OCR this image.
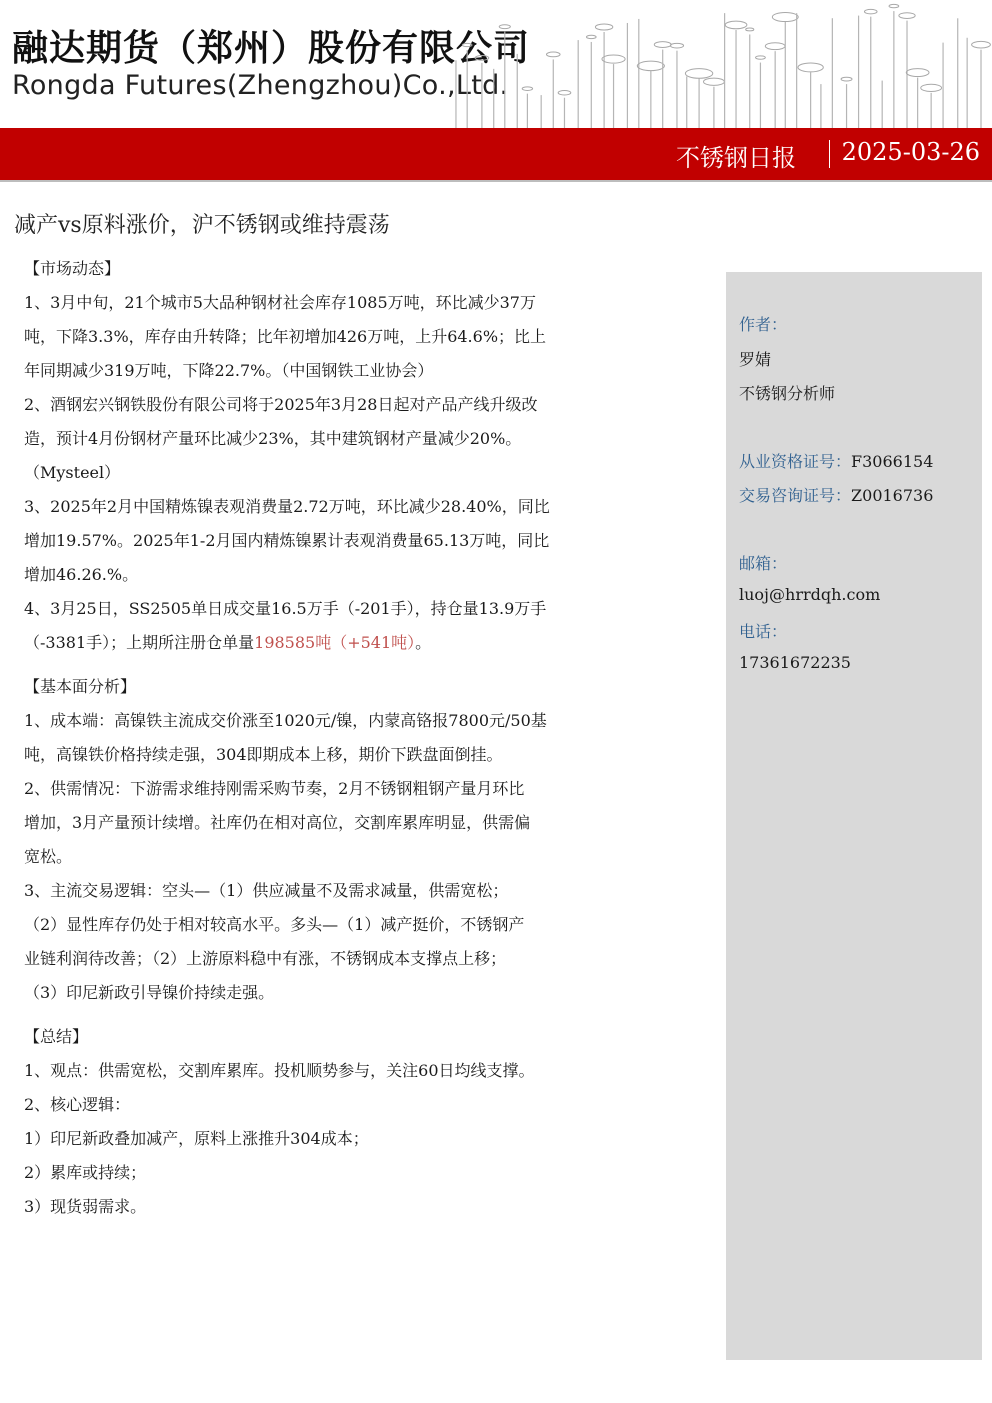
融达期货（郑州）股份有限公司
Rongda Futures(Zhengzhou)Co.,Ltd.
不锈钢日报 2025-03-26
减产vs原料涨价，沪不锈钢或维持震荡

【市场动态】

1、3月中旬，21个城市5大品种钢材社会库存1085万吨，环比减少37万
吨，下降3.3%，库存由升转降；比年初增加426万吨，上升64.6%；比上
年同期减少319万吨，下降22.7%。（中国钢铁工业协会）

2、酒钢宏兴钢铁股份有限公司将于2025年3月28日起对产品产线升级改
造，预计4月份钢材产量环比减少23%，其中建筑钢材产量减少20%。
（Mysteel）

3、2025年2月中国精炼镍表观消费量2.72万吨，环比减少28.40%，同比
增加19.57%。2025年1-2月国内精炼镍累计表观消费量65.13万吨，同比
增加46.26.%。

4、3月25日，SS2505单日成交量16.5万手（-201手），持仓量13.9万手
（-3381手）；上期所注册仓单量198585吨（+541吨）。

【基本面分析】

1、成本端：高镍铁主流成交价涨至1020元/镍，内蒙高铬报7800元/50基
吨，高镍铁价格持续走强，304即期成本上移，期价下跌盘面倒挂。

2、供需情况：下游需求维持刚需采购节奏，2月不锈钢粗钢产量月环比
增加，3月产量预计续增。社库仍在相对高位，交割库累库明显，供需偏
宽松。

3、主流交易逻辑：空头—（1）供应减量不及需求减量，供需宽松；
（2）显性库存仍处于相对较高水平。多头—（1）减产挺价，不锈钢产
业链利润待改善；（2）上游原料稳中有涨，不锈钢成本支撑点上移；
（3）印尼新政引导镍价持续走强。

【总结】

1、观点：供需宽松，交割库累库。投机顺势参与，关注60日均线支撑。
2、核心逻辑：
1）印尼新政叠加减产，原料上涨推升304成本；
2）累库或持续；
3）现货弱需求。

作者：
罗婧
不锈钢分析师
从业资格证号：F3066154
交易咨询证号：Z0016736
邮箱：
luoj@hrrdqh.com
电话：
17361672235
